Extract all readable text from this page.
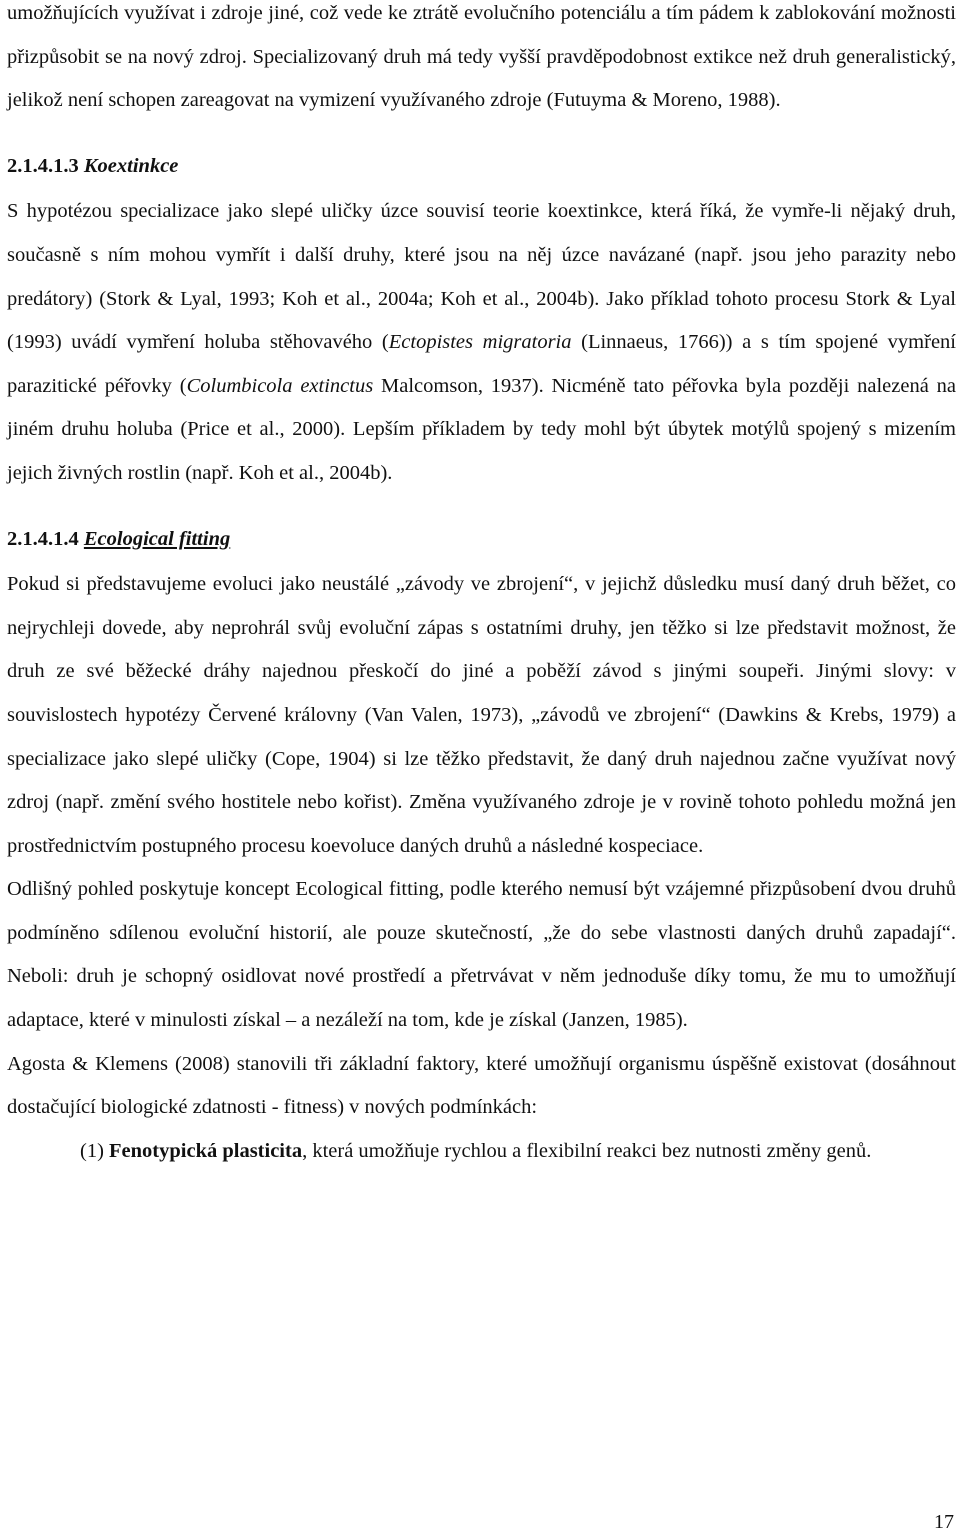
umožňujících využívat i zdroje jiné, což vede ke ztrátě evolučního potenciálu a tím pádem k zablokování možnosti přizpůsobit se na nový zdroj. Specializovaný druh má tedy vyšší pravděpodobnost extikce než druh generalistický, jelikož není schopen zareagovat na vymizení využívaného zdroje (Futuyma & Moreno, 1988).

2.1.4.1.3 Koextinkce

S hypotézou specializace jako slepé uličky úzce souvisí teorie koextinkce, která říká, že vymře-li nějaký druh, současně s ním mohou vymřít i další druhy, které jsou na něj úzce navázané (např. jsou jeho parazity nebo predátory) (Stork & Lyal, 1993; Koh et al., 2004a; Koh et al., 2004b). Jako příklad tohoto procesu Stork & Lyal (1993) uvádí vymření holuba stěhovavého (Ectopistes migratoria (Linnaeus, 1766)) a s tím spojené vymření parazitické péřovky (Columbicola extinctus Malcomson, 1937). Nicméně tato péřovka byla později nalezená na jiném druhu holuba (Price et al., 2000). Lepším příkladem by tedy mohl být úbytek motýlů spojený s mizením jejich živných rostlin (např. Koh et al., 2004b).

2.1.4.1.4 Ecological fitting

Pokud si představujeme evoluci jako neustálé „závody ve zbrojení“, v jejichž důsledku musí daný druh běžet, co nejrychleji dovede, aby neprohrál svůj evoluční zápas s ostatními druhy, jen těžko si lze představit možnost, že druh ze své běžecké dráhy najednou přeskočí do jiné a poběží závod s jinými soupeři. Jinými slovy: v souvislostech hypotézy Červené královny (Van Valen, 1973), „závodů ve zbrojení“ (Dawkins & Krebs, 1979) a specializace jako slepé uličky (Cope, 1904) si lze těžko představit, že daný druh najednou začne využívat nový zdroj (např. změní svého hostitele nebo kořist). Změna využívaného zdroje je v rovině tohoto pohledu možná jen prostřednictvím postupného procesu koevoluce daných druhů a následné kospeciace.

Odlišný pohled poskytuje koncept Ecological fitting, podle kterého nemusí být vzájemné přizpůsobení dvou druhů podmíněno sdílenou evoluční historií, ale pouze skutečností, „že do sebe vlastnosti daných druhů zapadají“. Neboli: druh je schopný osidlovat nové prostředí a přetrvávat v něm jednoduše díky tomu, že mu to umožňují adaptace, které v minulosti získal – a nezáleží na tom, kde je získal (Janzen, 1985).

Agosta & Klemens (2008) stanovili tři základní faktory, které umožňují organismu úspěšně existovat (dosáhnout dostačující biologické zdatnosti - fitness) v nových podmínkách:

(1) Fenotypická plasticita, která umožňuje rychlou a flexibilní reakci bez nutnosti změny genů.

17
